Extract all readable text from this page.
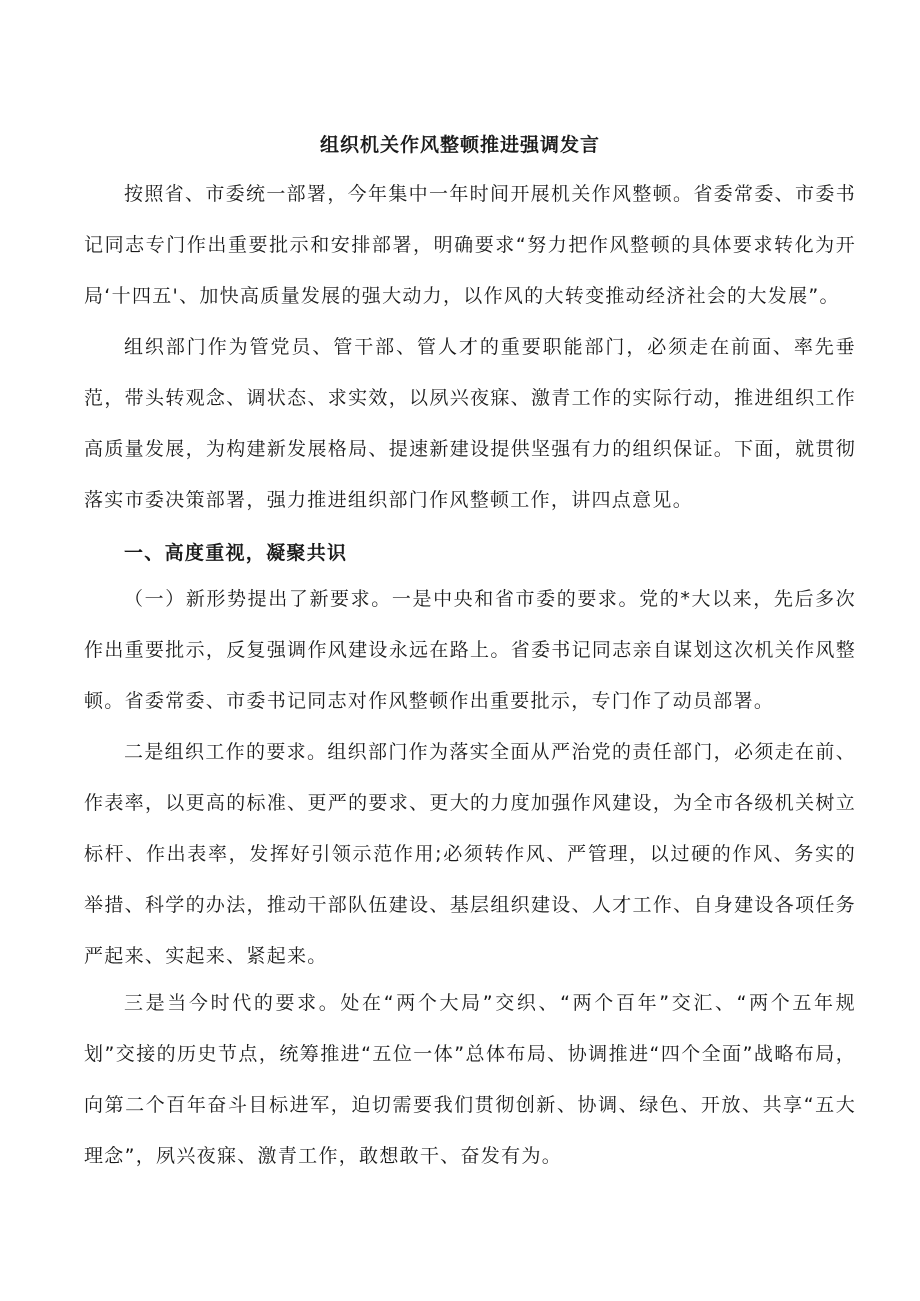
组织机关作风整顿推进强调发言

按照省、市委统一部署，今年集中一年时间开展机关作风整顿。省委常委、市委书记同志专门作出重要批示和安排部署，明确要求“努力把作风整顿的具体要求转化为开局‘十四五'、加快高质量发展的强大动力，以作风的大转变推动经济社会的大发展”。

组织部门作为管党员、管干部、管人才的重要职能部门，必须走在前面、率先垂范，带头转观念、调状态、求实效，以夙兴夜寐、激青工作的实际行动，推进组织工作高质量发展，为构建新发展格局、提速新建设提供坚强有力的组织保证。下面，就贯彻落实市委决策部署，强力推进组织部门作风整顿工作，讲四点意见。

一、高度重视，凝聚共识

（一）新形势提出了新要求。一是中央和省市委的要求。党的*大以来，先后多次作出重要批示，反复强调作风建设永远在路上。省委书记同志亲自谋划这次机关作风整顿。省委常委、市委书记同志对作风整顿作出重要批示，专门作了动员部署。

二是组织工作的要求。组织部门作为落实全面从严治党的责任部门，必须走在前、作表率，以更高的标准、更严的要求、更大的力度加强作风建设，为全市各级机关树立标杆、作出表率，发挥好引领示范作用;必须转作风、严管理，以过硬的作风、务实的举措、科学的办法，推动干部队伍建设、基层组织建设、人才工作、自身建设各项任务严起来、实起来、紧起来。

三是当今时代的要求。处在“两个大局”交织、“两个百年”交汇、“两个五年规划”交接的历史节点，统筹推进“五位一体”总体布局、协调推进“四个全面”战略布局，向第二个百年奋斗目标进军，迫切需要我们贯彻创新、协调、绿色、开放、共享“五大理念”，夙兴夜寐、激青工作，敢想敢干、奋发有为。
